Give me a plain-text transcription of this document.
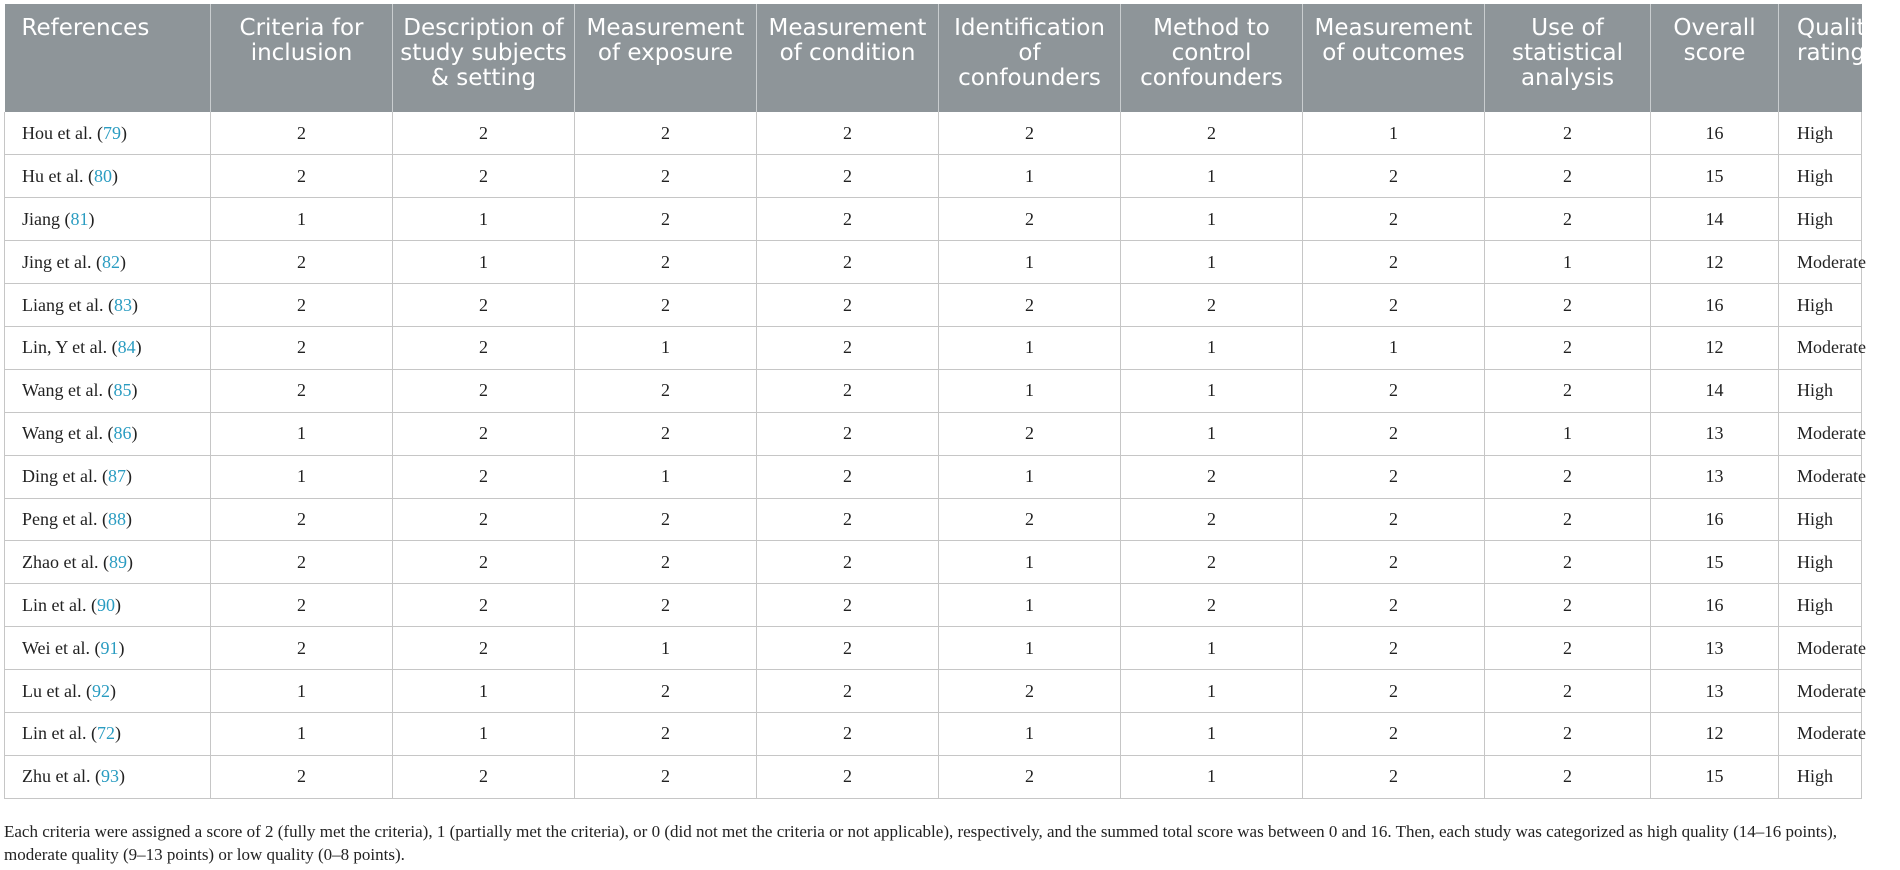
References	Criteria for inclusion	Description of study subjects & setting	Measurement of exposure	Measurement of condition	Identification of confounders	Method to control confounders	Measurement of outcomes	Use of statistical analysis	Overall score	Quality rating
Hou et al. (79)	2	2	2	2	2	2	1	2	16	High
Hu et al. (80)	2	2	2	2	1	1	2	2	15	High
Jiang (81)	1	1	2	2	2	1	2	2	14	High
Jing et al. (82)	2	1	2	2	1	1	2	1	12	Moderate
Liang et al. (83)	2	2	2	2	2	2	2	2	16	High
Lin, Y et al. (84)	2	2	1	2	1	1	1	2	12	Moderate
Wang et al. (85)	2	2	2	2	1	1	2	2	14	High
Wang et al. (86)	1	2	2	2	2	1	2	1	13	Moderate
Ding et al. (87)	1	2	1	2	1	2	2	2	13	Moderate
Peng et al. (88)	2	2	2	2	2	2	2	2	16	High
Zhao et al. (89)	2	2	2	2	1	2	2	2	15	High
Lin et al. (90)	2	2	2	2	1	2	2	2	16	High
Wei et al. (91)	2	2	1	2	1	1	2	2	13	Moderate
Lu et al. (92)	1	1	2	2	2	1	2	2	13	Moderate
Lin et al. (72)	1	1	2	2	1	1	2	2	12	Moderate
Zhu et al. (93)	2	2	2	2	2	1	2	2	15	High

Each criteria were assigned a score of 2 (fully met the criteria), 1 (partially met the criteria), or 0 (did not met the criteria or not applicable), respectively, and the summed total score was between 0 and 16. Then, each study was categorized as high quality (14–16 points), moderate quality (9–13 points) or low quality (0–8 points).
